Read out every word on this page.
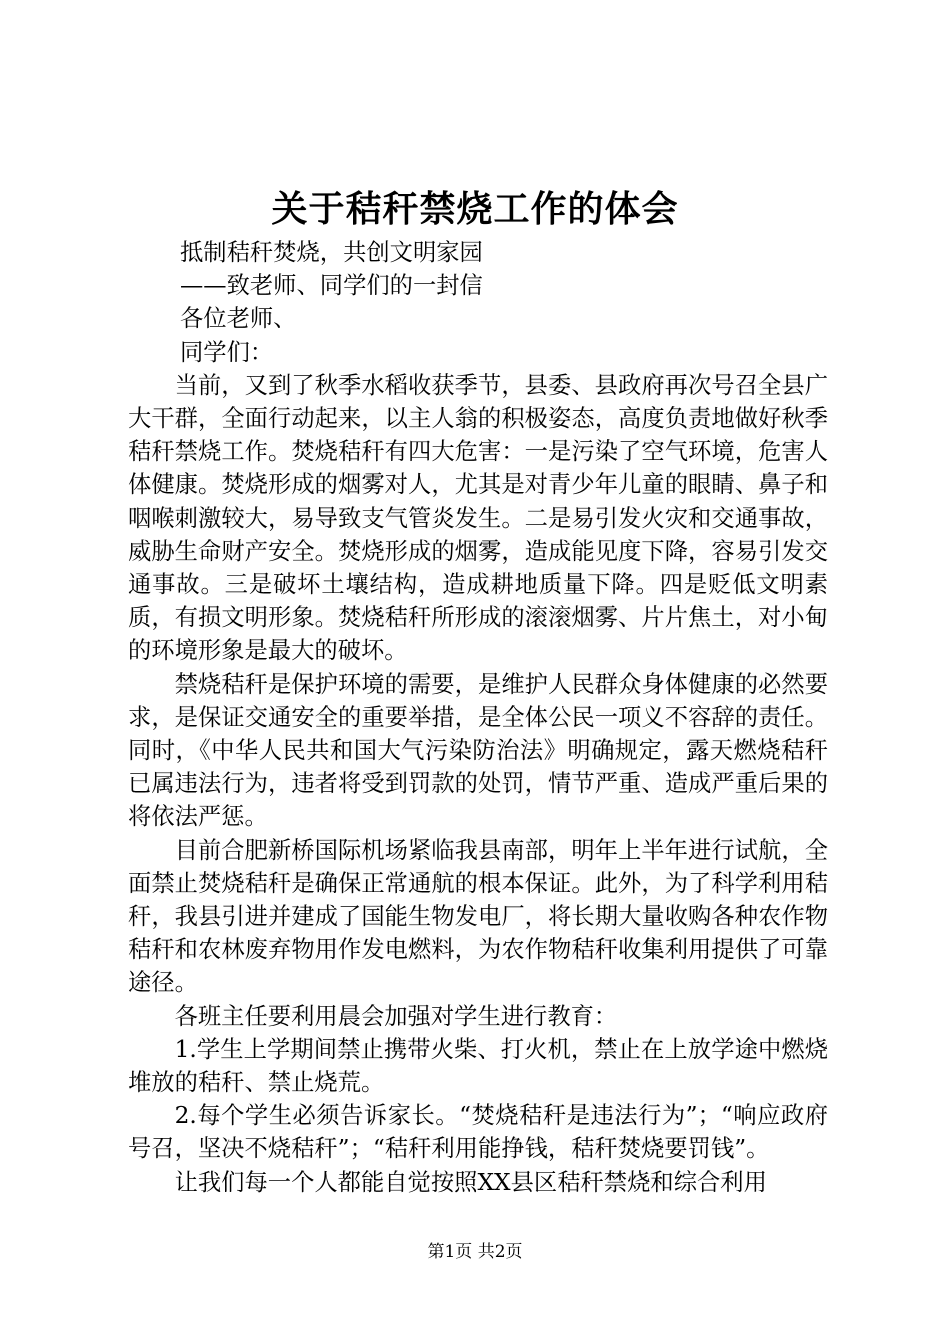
关于秸秆禁烧工作的体会

抵制秸秆焚烧，共创文明家园

——致老师、同学们的一封信

各位老师、

同学们：

当前，又到了秋季水稻收获季节，县委、县政府再次号召全县广大干群，全面行动起来，以主人翁的积极姿态，高度负责地做好秋季秸秆禁烧工作。焚烧秸秆有四大危害：一是污染了空气环境，危害人体健康。焚烧形成的烟雾对人，尤其是对青少年儿童的眼睛、鼻子和咽喉刺激较大，易导致支气管炎发生。二是易引发火灾和交通事故，威胁生命财产安全。焚烧形成的烟雾，造成能见度下降，容易引发交通事故。三是破坏土壤结构，造成耕地质量下降。四是贬低文明素质，有损文明形象。焚烧秸秆所形成的滚滚烟雾、片片焦土，对小甸的环境形象是最大的破坏。

禁烧秸秆是保护环境的需要，是维护人民群众身体健康的必然要求，是保证交通安全的重要举措，是全体公民一项义不容辞的责任。同时，《中华人民共和国大气污染防治法》明确规定，露天燃烧秸秆已属违法行为，违者将受到罚款的处罚，情节严重、造成严重后果的将依法严惩。

目前合肥新桥国际机场紧临我县南部，明年上半年进行试航，全面禁止焚烧秸秆是确保正常通航的根本保证。此外，为了科学利用秸秆，我县引进并建成了国能生物发电厂，将长期大量收购各种农作物秸秆和农林废弃物用作发电燃料，为农作物秸秆收集利用提供了可靠途径。

各班主任要利用晨会加强对学生进行教育：

1.学生上学期间禁止携带火柴、打火机，禁止在上放学途中燃烧堆放的秸秆、禁止烧荒。

2.每个学生必须告诉家长。“焚烧秸秆是违法行为”；“响应政府号召，坚决不烧秸秆”；“秸秆利用能挣钱，秸秆焚烧要罚钱”。

让我们每一个人都能自觉按照XX县区秸秆禁烧和综合利用

第1页 共2页
